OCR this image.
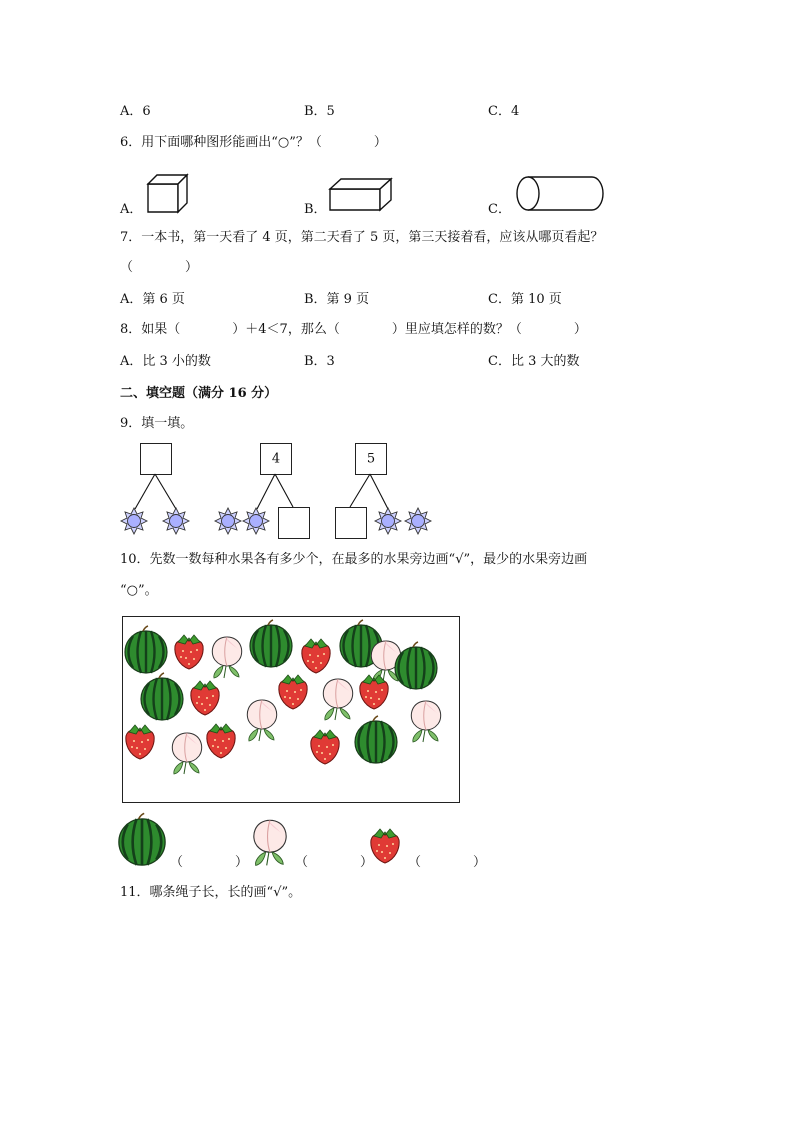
A．6	B．5	C．4
6．用下面哪种图形能画出“○”？（　　　　）
A．	B．	C．
7．一本书，第一天看了 4 页，第二天看了 5 页，第三天接着看，应该从哪页看起？
（　　　　）
A．第 6 页	B．第 9 页	C．第 10 页
8．如果（　　　　）＋4＜7，那么（　　　　）里应填怎样的数？（　　　　）
A．比 3 小的数	B．3	C．比 3 大的数
二、填空题（满分 16 分）
9．填一填。
4	5
10．先数一数每种水果各有多少个，在最多的水果旁边画“√”，最少的水果旁边画
“○”。
（　　　　）	（　　　　）	（　　　　）
11．哪条绳子长，长的画“√”。
